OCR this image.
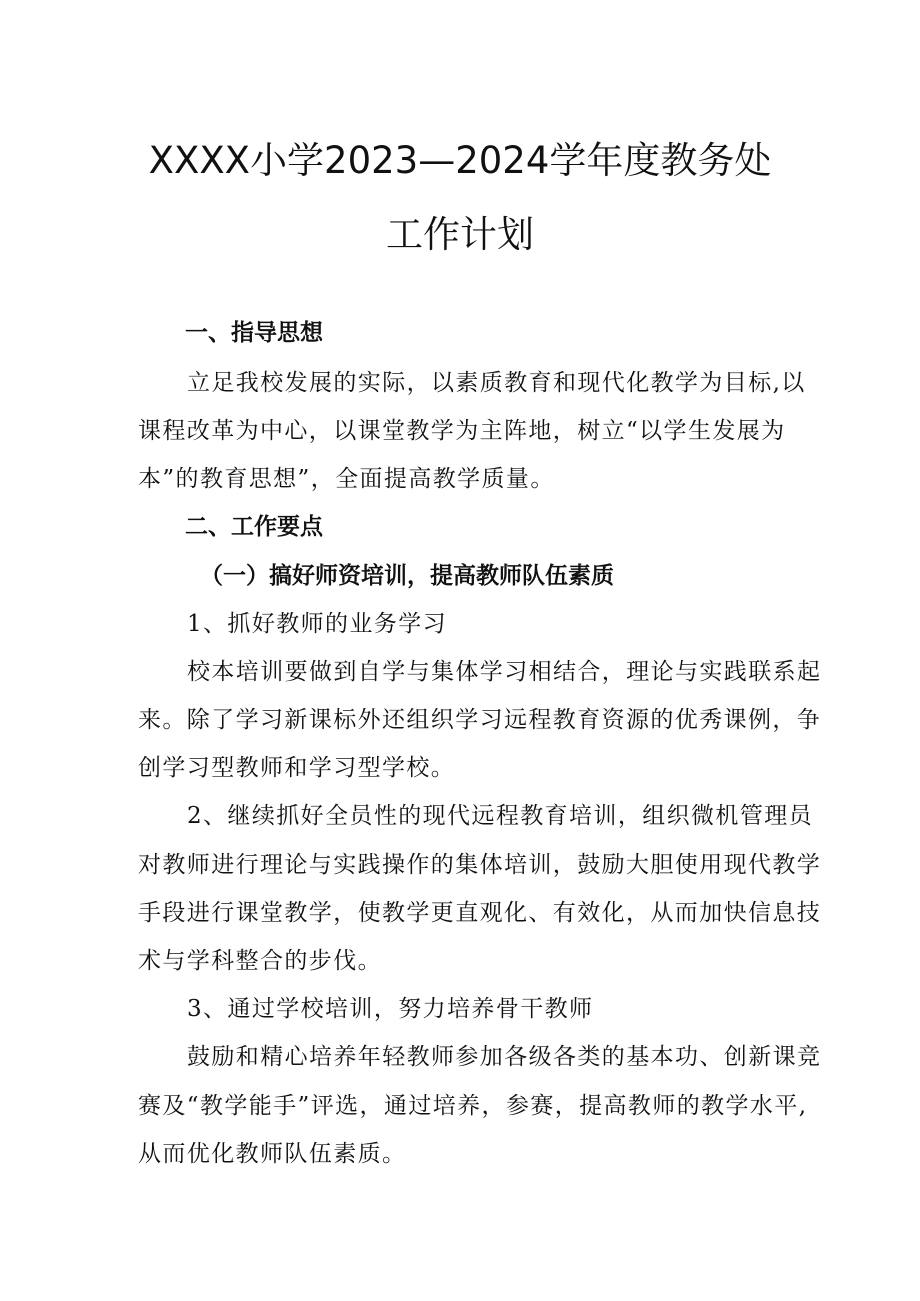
XXXX小学2023—2024学年度教务处
工作计划
一、指导思想

立足我校发展的实际，以素质教育和现代化教学为目标,以

课程改革为中心，以课堂教学为主阵地，树立“以学生发展为

本”的教育思想”，全面提高教学质量。

二、工作要点
（一）搞好师资培训，提高教师队伍素质

1、抓好教师的业务学习

校本培训要做到自学与集体学习相结合，理论与实践联系起

来。除了学习新课标外还组织学习远程教育资源的优秀课例，争

创学习型教师和学习型学校。

2、继续抓好全员性的现代远程教育培训，组织微机管理员

对教师进行理论与实践操作的集体培训，鼓励大胆使用现代教学

手段进行课堂教学，使教学更直观化、有效化，从而加快信息技

术与学科整合的步伐。

3、通过学校培训，努力培养骨干教师

鼓励和精心培养年轻教师参加各级各类的基本功、创新课竞

赛及“教学能手”评选，通过培养，参赛，提高教师的教学水平,

从而优化教师队伍素质。
